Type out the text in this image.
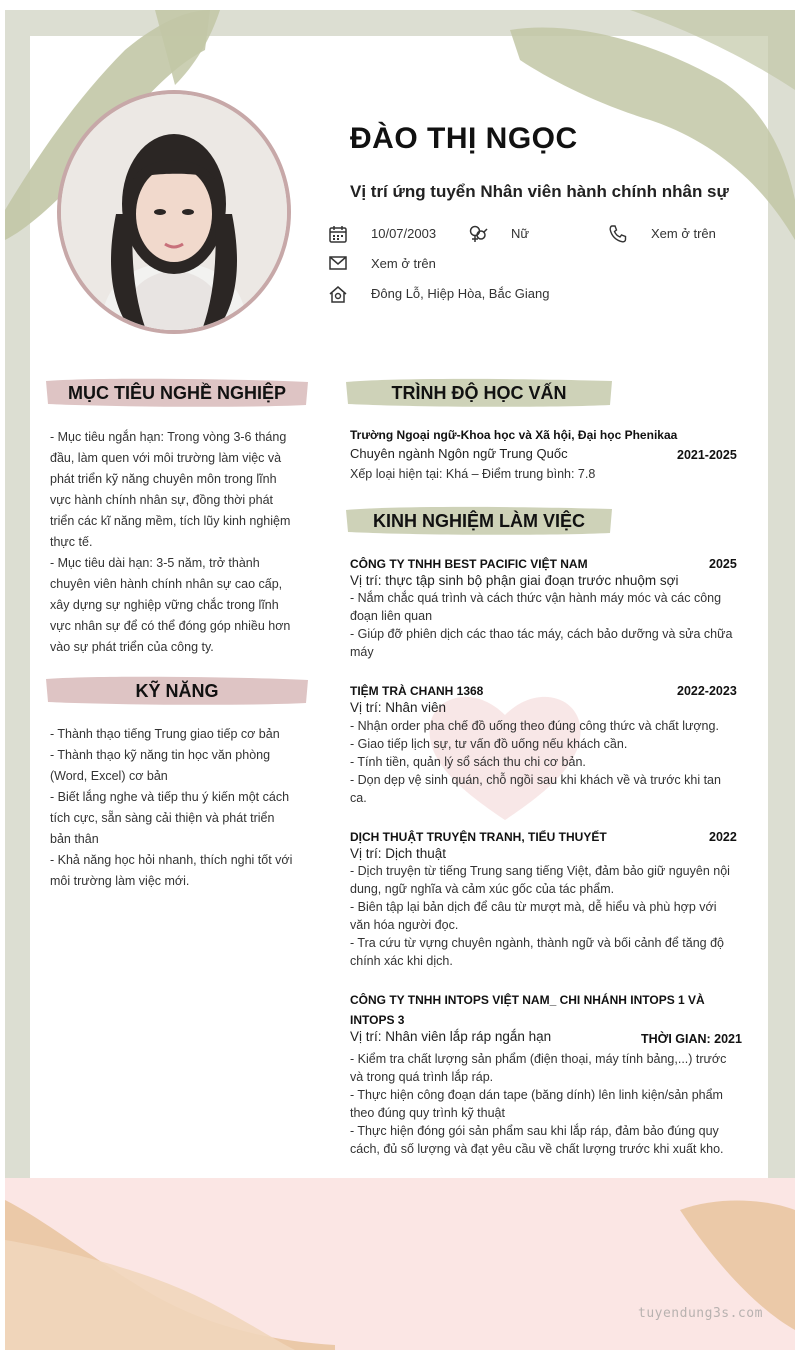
ĐÀO THỊ NGỌC
Vị trí ứng tuyển Nhân viên hành chính nhân sự
10/07/2003	Nữ	Xem ở trên
Xem ở trên
Đông Lỗ, Hiệp Hòa, Bắc Giang
MỤC TIÊU NGHỀ NGHIỆP
- Mục tiêu ngắn hạn: Trong vòng 3-6 tháng
đầu, làm quen với môi trường làm việc và
phát triển kỹ năng chuyên môn trong lĩnh
vực hành chính nhân sự, đồng thời phát
triển các kĩ năng mềm, tích lũy kinh nghiệm
thực tế.
- Mục tiêu dài hạn: 3-5 năm, trở thành
chuyên viên hành chính nhân sự cao cấp,
xây dựng sự nghiệp vững chắc trong lĩnh
vực nhân sự để có thể đóng góp nhiều hơn
vào sự phát triển của công ty.
KỸ NĂNG
- Thành thạo tiếng Trung giao tiếp cơ bản
- Thành thạo kỹ năng tin học văn phòng
(Word, Excel) cơ bản
- Biết lắng nghe và tiếp thu ý kiến một cách
tích cực, sẵn sàng cải thiện và phát triển
bản thân
- Khả năng học hỏi nhanh, thích nghi tốt với
môi trường làm việc mới.
TRÌNH ĐỘ HỌC VẤN
Trường Ngoại ngữ-Khoa học và Xã hội, Đại học Phenikaa
Chuyên ngành Ngôn ngữ Trung Quốc	2021-2025
Xếp loại hiện tại: Khá – Điểm trung bình: 7.8
KINH NGHIỆM LÀM VIỆC
CÔNG TY TNHH BEST PACIFIC VIỆT NAM	2025
Vị trí: thực tập sinh bộ phận giai đoạn trước nhuộm sợi
- Nắm chắc quá trình và cách thức vận hành máy móc và các công
đoạn liên quan
- Giúp đỡ phiên dịch các thao tác máy, cách bảo dưỡng và sửa chữa
máy
TIỆM TRÀ CHANH 1368	2022-2023
Vị trí: Nhân viên
- Nhận order pha chế đồ uống theo đúng công thức và chất lượng.
- Giao tiếp lịch sự, tư vấn đồ uống nếu khách cần.
- Tính tiền, quản lý sổ sách thu chi cơ bản.
- Dọn dẹp vệ sinh quán, chỗ ngồi sau khi khách về và trước khi tan
ca.
DỊCH THUẬT TRUYỆN TRANH, TIỂU THUYẾT	2022
Vị trí: Dịch thuật
- Dịch truyện từ tiếng Trung sang tiếng Việt, đảm bảo giữ nguyên nội
dung, ngữ nghĩa và cảm xúc gốc của tác phẩm.
- Biên tập lại bản dịch để câu từ mượt mà, dễ hiểu và phù hợp với
văn hóa người đọc.
- Tra cứu từ vựng chuyên ngành, thành ngữ và bối cảnh để tăng độ
chính xác khi dịch.
CÔNG TY TNHH INTOPS VIỆT NAM_ CHI NHÁNH INTOPS 1 VÀ
INTOPS 3
THỜI GIAN: 2021
Vị trí: Nhân viên lắp ráp ngắn hạn
- Kiểm tra chất lượng sản phẩm (điện thoại, máy tính bảng,...) trước
và trong quá trình lắp ráp.
- Thực hiện công đoạn dán tape (băng dính) lên linh kiện/sản phẩm
theo đúng quy trình kỹ thuật
- Thực hiện đóng gói sản phẩm sau khi lắp ráp, đảm bảo đúng quy
cách, đủ số lượng và đạt yêu cầu về chất lượng trước khi xuất kho.
tuyendung3s.com
